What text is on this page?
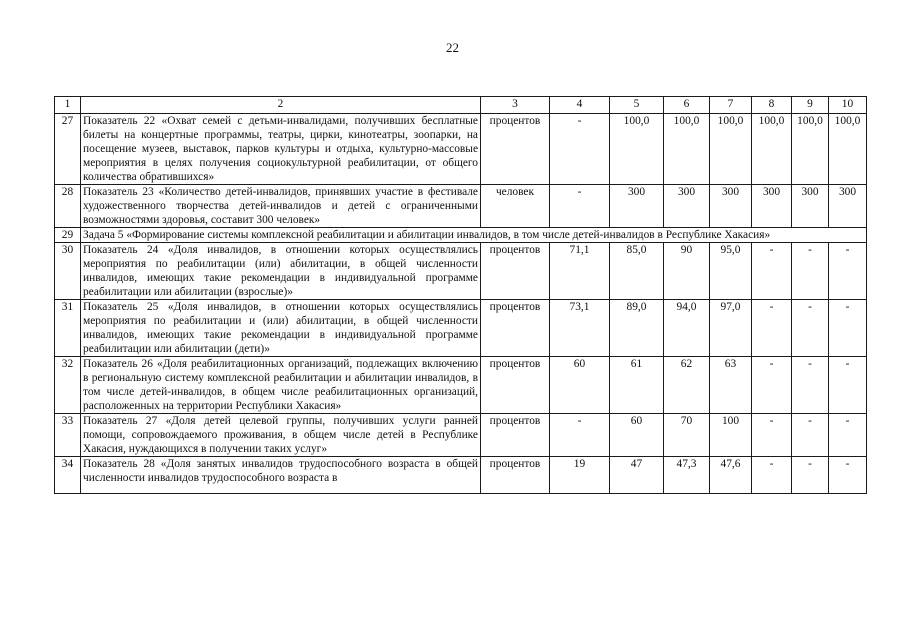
22
1	2	3	4	5	6	7	8	9	10
27	Показатель 22 «Охват семей с детьми-инвалидами, получивших бесплатные билеты на концертные программы, театры, цирки, кинотеатры, зоопарки, на посещение музеев, выставок, парков культуры и отдыха, культурно-массовые мероприятия в целях получения социокультурной реабилитации, от общего количества обратившихся»	процентов	-	100,0	100,0	100,0	100,0	100,0	100,0
28	Показатель 23 «Количество детей-инвалидов, принявших участие в фестивале художественного творчества детей-инвалидов и детей с ограниченными возможностями здоровья, составит 300 человек»	человек	-	300	300	300	300	300	300
29	Задача 5 «Формирование системы комплексной реабилитации и абилитации инвалидов, в том числе детей-инвалидов в Республике Хакасия»								
30	Показатель 24 «Доля инвалидов, в отношении которых осуществлялись мероприятия по реабилитации (или) абилитации, в общей численности инвалидов, имеющих такие рекомендации в индивидуальной программе реабилитации или абилитации (взрослые)»	процентов	71,1	85,0	90	95,0	-	-	-
31	Показатель 25 «Доля инвалидов, в отношении которых осуществлялись мероприятия по реабилитации и (или) абилитации, в общей численности инвалидов, имеющих такие рекомендации в индивидуальной программе реабилитации или абилитации (дети)»	процентов	73,1	89,0	94,0	97,0	-	-	-
32	Показатель 26 «Доля реабилитационных организаций, подлежащих включению в региональную систему комплексной реабилитации и абилитации инвалидов, в том числе детей-инвалидов, в общем числе реабилитационных организаций, расположенных на территории Республики Хакасия»	процентов	60	61	62	63	-	-	-
33	Показатель 27 «Доля детей целевой группы, получивших услуги ранней помощи, сопровождаемого проживания, в общем числе детей в Республике Хакасия, нуждающихся в получении таких услуг»	процентов	-	60	70	100	-	-	-
34	Показатель 28 «Доля занятых инвалидов трудоспособного возраста в общей численности инвалидов трудоспособного возраста в	процентов	19	47	47,3	47,6	-	-	-
